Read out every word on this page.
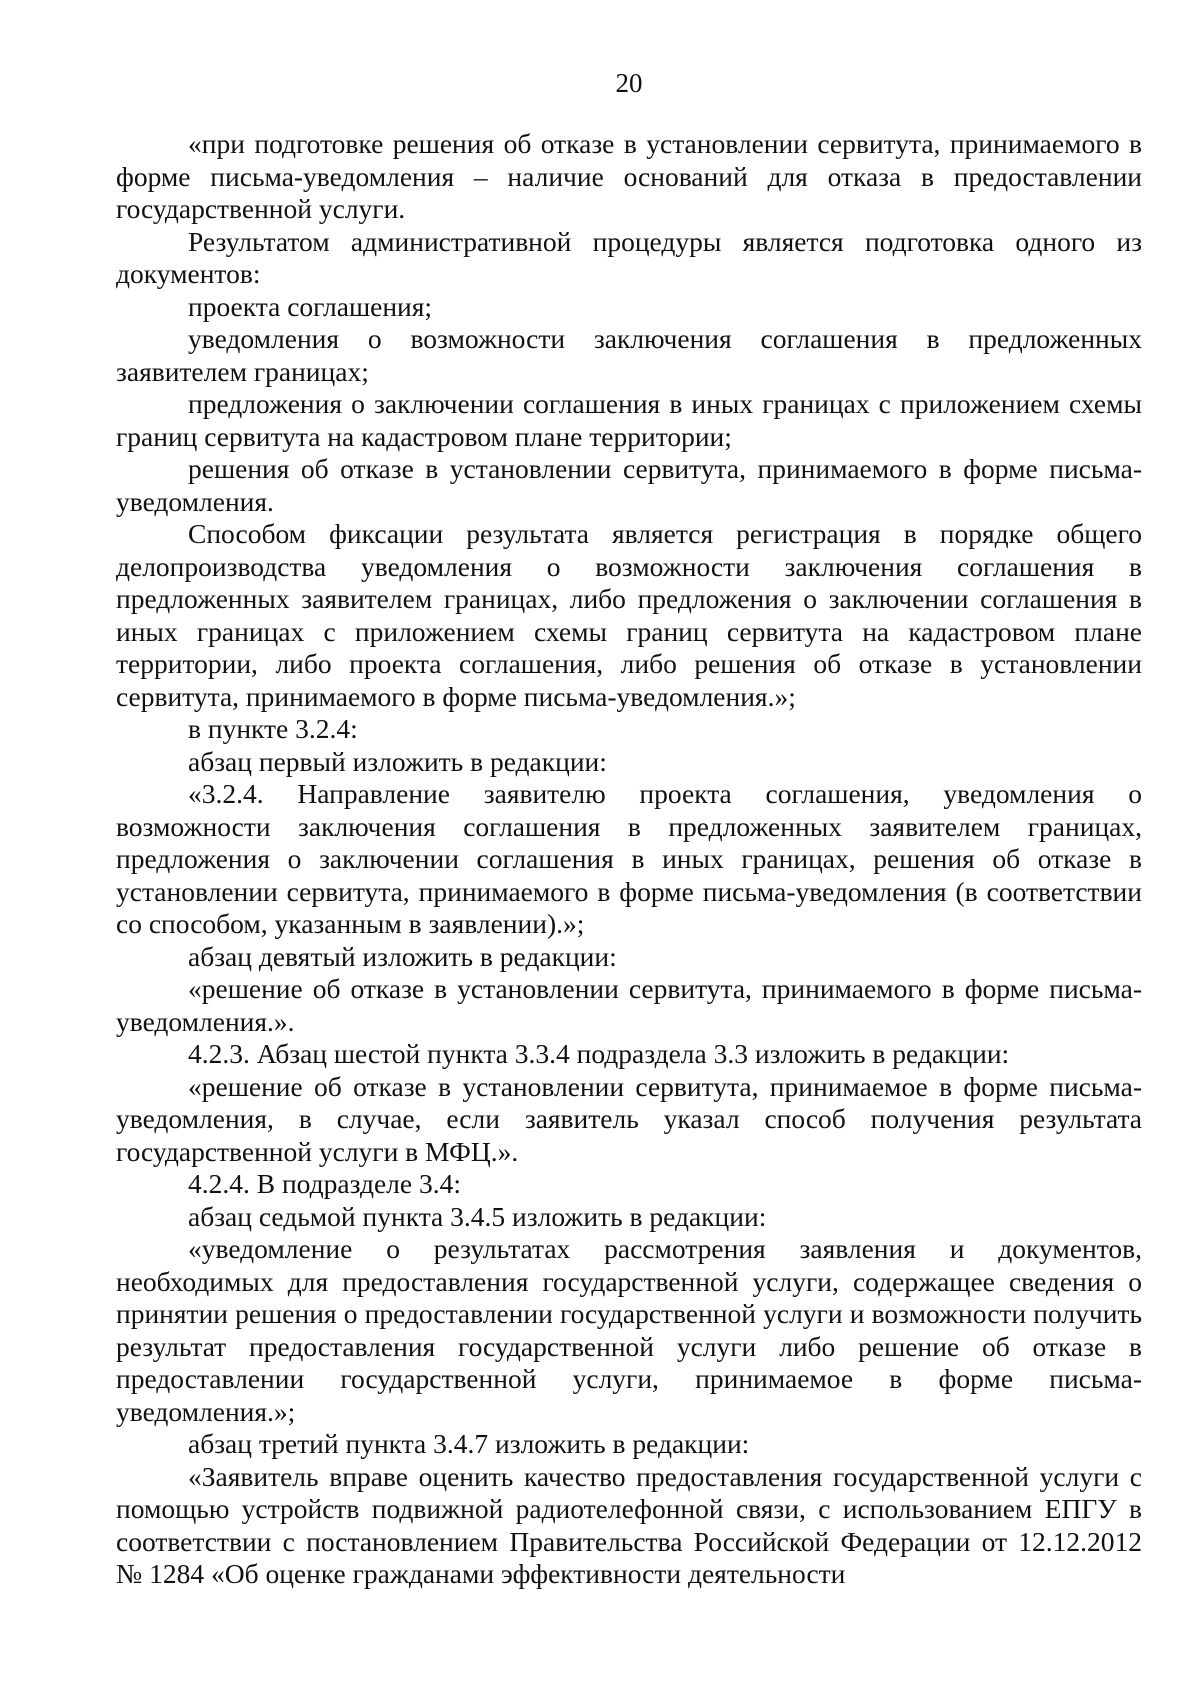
20

«при подготовке решения об отказе в установлении сервитута, принимаемого в форме письма-уведомления – наличие оснований для отказа в предоставлении государственной услуги.

Результатом административной процедуры является подготовка одного из документов:

проекта соглашения;

уведомления о возможности заключения соглашения в предложенных заявителем границах;

предложения о заключении соглашения в иных границах с приложением схемы границ сервитута на кадастровом плане территории;

решения об отказе в установлении сервитута, принимаемого в форме письма-уведомления.

Способом фиксации результата является регистрация в порядке общего делопроизводства уведомления о возможности заключения соглашения в предложенных заявителем границах, либо предложения о заключении соглашения в иных границах с приложением схемы границ сервитута на кадастровом плане территории, либо проекта соглашения, либо решения об отказе в установлении сервитута, принимаемого в форме письма-уведомления.»;

в пункте 3.2.4:

абзац первый изложить в редакции:

«3.2.4. Направление заявителю проекта соглашения, уведомления о возможности заключения соглашения в предложенных заявителем границах, предложения о заключении соглашения в иных границах, решения об отказе в установлении сервитута, принимаемого в форме письма-уведомления (в соответствии со способом, указанным в заявлении).»;

абзац девятый изложить в редакции:

«решение об отказе в установлении сервитута, принимаемого в форме письма-уведомления.».

4.2.3. Абзац шестой пункта 3.3.4 подраздела 3.3 изложить в редакции:

«решение об отказе в установлении сервитута, принимаемое в форме письма-уведомления, в случае, если заявитель указал способ получения результата государственной услуги в МФЦ.».

4.2.4. В подразделе 3.4:

абзац седьмой пункта 3.4.5 изложить в редакции:

«уведомление о результатах рассмотрения заявления и документов, необходимых для предоставления государственной услуги, содержащее сведения о принятии решения о предоставлении государственной услуги и возможности получить результат предоставления государственной услуги либо решение об отказе в предоставлении государственной услуги, принимаемое в форме письма-уведомления.»;

абзац третий пункта 3.4.7 изложить в редакции:

«Заявитель вправе оценить качество предоставления государственной услуги с помощью устройств подвижной радиотелефонной связи, с использованием ЕПГУ в соответствии с постановлением Правительства Российской Федерации от 12.12.2012 № 1284 «Об оценке гражданами эффективности деятельности
